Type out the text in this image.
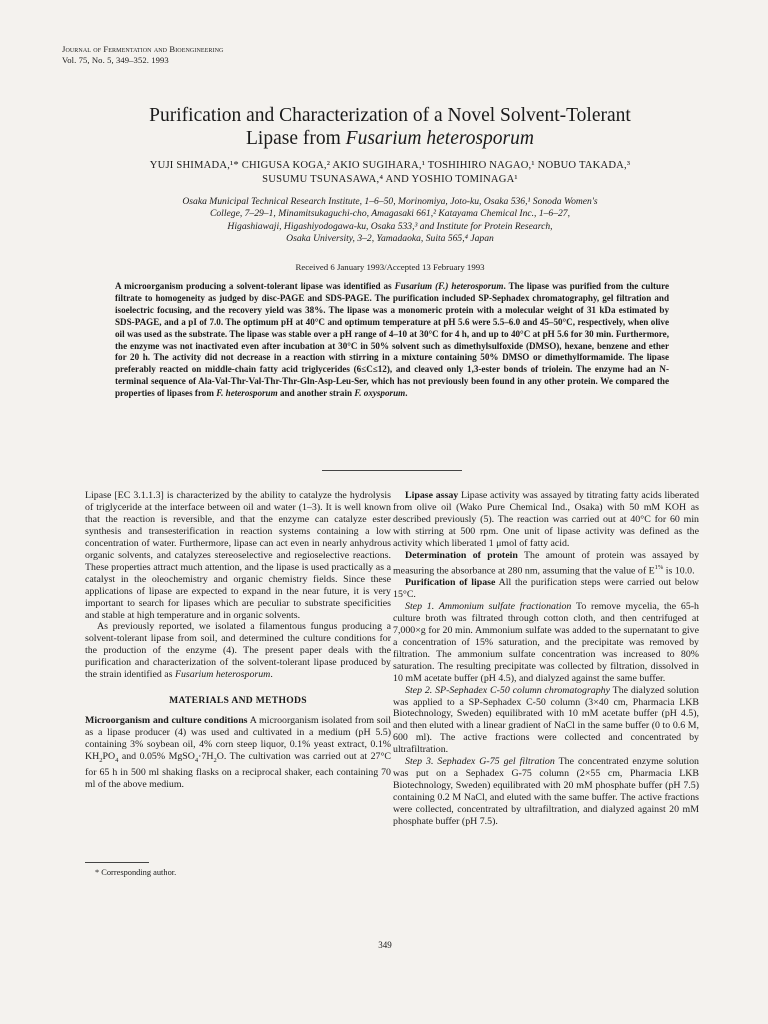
Journal of Fermentation and Bioengineering
Vol. 75, No. 5, 349–352. 1993
Purification and Characterization of a Novel Solvent-Tolerant
Lipase from Fusarium heterosporum
YUJI SHIMADA,¹* CHIGUSA KOGA,² AKIO SUGIHARA,¹ TOSHIHIRO NAGAO,¹ NOBUO TAKADA,³
SUSUMU TSUNASAWA,⁴ AND YOSHIO TOMINAGA¹
Osaka Municipal Technical Research Institute, 1–6–50, Morinomiya, Joto-ku, Osaka 536,¹ Sonoda Women's
College, 7–29–1, Minamitsukaguchi-cho, Amagasaki 661,² Katayama Chemical Inc., 1–6–27,
Higashiawaji, Higashiyodogawa-ku, Osaka 533,³ and Institute for Protein Research,
Osaka University, 3–2, Yamadaoka, Suita 565,⁴ Japan
Received 6 January 1993/Accepted 13 February 1993
A microorganism producing a solvent-tolerant lipase was identified as Fusarium (F.) heterosporum. The lipase was purified from the culture filtrate to homogeneity as judged by disc-PAGE and SDS-PAGE. The purification included SP-Sephadex chromatography, gel filtration and isoelectric focusing, and the recovery yield was 38%. The lipase was a monomeric protein with a molecular weight of 31 kDa estimated by SDS-PAGE, and a pI of 7.0. The optimum pH at 40°C and optimum temperature at pH 5.6 were 5.5–6.0 and 45–50°C, respectively, when olive oil was used as the substrate. The lipase was stable over a pH range of 4–10 at 30°C for 4 h, and up to 40°C at pH 5.6 for 30 min. Furthermore, the enzyme was not inactivated even after incubation at 30°C in 50% solvent such as dimethylsulfoxide (DMSO), hexane, benzene and ether for 20 h. The activity did not decrease in a reaction with stirring in a mixture containing 50% DMSO or dimethylformamide. The lipase preferably reacted on middle-chain fatty acid triglycerides (6≤C≤12), and cleaved only 1,3-ester bonds of triolein. The enzyme had an N-terminal sequence of Ala-Val-Thr-Val-Thr-Thr-Gln-Asp-Leu-Ser, which has not previously been found in any other protein. We compared the properties of lipases from F. heterosporum and another strain F. oxysporum.

Lipase [EC 3.1.1.3] is characterized by the ability to catalyze the hydrolysis of triglyceride at the interface between oil and water (1–3). It is well known that the reaction is reversible, and that the enzyme can catalyze ester synthesis and transesterification in reaction systems containing a low concentration of water. Furthermore, lipase can act even in nearly anhydrous organic solvents, and catalyzes stereoselective and regioselective reactions. These properties attract much attention, and the lipase is used practically as a catalyst in the oleochemistry and organic chemistry fields. Since these applications of lipase are expected to expand in the near future, it is very important to search for lipases which are peculiar to substrate specificities and stable at high temperature and in organic solvents.

As previously reported, we isolated a filamentous fungus producing a solvent-tolerant lipase from soil, and determined the culture conditions for the production of the enzyme (4). The present paper deals with the purification and characterization of the solvent-tolerant lipase produced by the strain identified as Fusarium heterosporum.

MATERIALS AND METHODS

Microorganism and culture conditions A microorganism isolated from soil as a lipase producer (4) was used and cultivated in a medium (pH 5.5) containing 3% soybean oil, 4% corn steep liquor, 0.1% yeast extract, 0.1% $KH_2PO_4$ and 0.05% $MgSO_4\cdot 7H_2O$. The cultivation was carried out at 27°C for 65 h in 500 ml shaking flasks on a reciprocal shaker, each containing 70 ml of the above medium.

Lipase assay Lipase activity was assayed by titrating fatty acids liberated from olive oil (Wako Pure Chemical Ind., Osaka) with 50 mM KOH as described previously (5). The reaction was carried out at 40°C for 60 min with stirring at 500 rpm. One unit of lipase activity was defined as the activity which liberated 1 μmol of fatty acid.

Determination of protein The amount of protein was assayed by measuring the absorbance at 280 nm, assuming that the value of $E^{1\%}$ is 10.0.

Purification of lipase All the purification steps were carried out below 15°C.

Step 1. Ammonium sulfate fractionation To remove mycelia, the 65-h culture broth was filtrated through cotton cloth, and then centrifuged at 7,000×g for 20 min. Ammonium sulfate was added to the supernatant to give a concentration of 15% saturation, and the precipitate was removed by filtration. The ammonium sulfate concentration was increased to 80% saturation. The resulting precipitate was collected by filtration, dissolved in 10 mM acetate buffer (pH 4.5), and dialyzed against the same buffer.

Step 2. SP-Sephadex C-50 column chromatography The dialyzed solution was applied to a SP-Sephadex C-50 column (3×40 cm, Pharmacia LKB Biotechnology, Sweden) equilibrated with 10 mM acetate buffer (pH 4.5), and then eluted with a linear gradient of NaCl in the same buffer (0 to 0.6 M, 600 ml). The active fractions were collected and concentrated by ultrafiltration.

Step 3. Sephadex G-75 gel filtration The concentrated enzyme solution was put on a Sephadex G-75 column (2×55 cm, Pharmacia LKB Biotechnology, Sweden) equilibrated with 20 mM phosphate buffer (pH 7.5) containing 0.2 M NaCl, and eluted with the same buffer. The active fractions were collected, concentrated by ultrafiltration, and dialyzed against 20 mM phosphate buffer (pH 7.5).

* Corresponding author.
349
